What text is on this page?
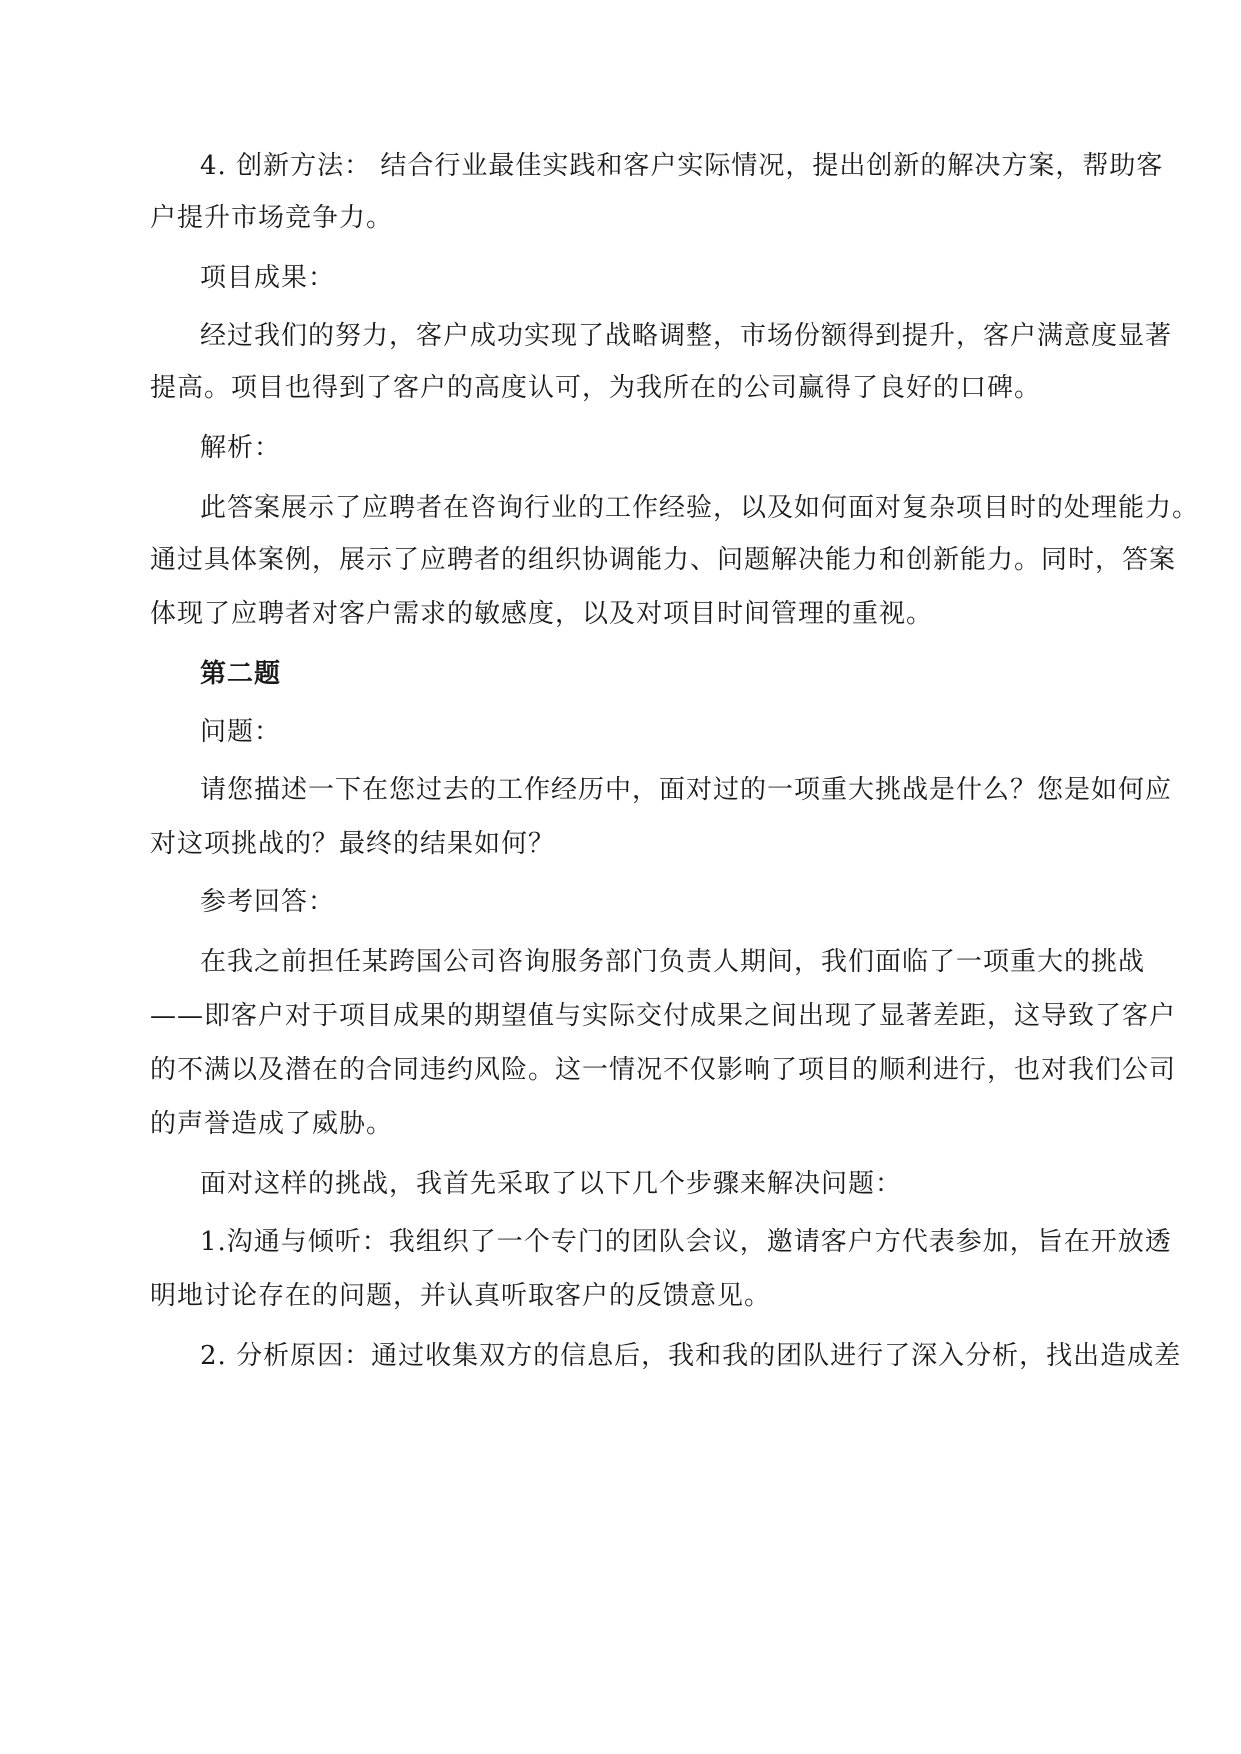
4. 创新方法： 结合行业最佳实践和客户实际情况，提出创新的解决方案，帮助客

户提升市场竞争力。

项目成果：

经过我们的努力，客户成功实现了战略调整，市场份额得到提升，客户满意度显著

提高。项目也得到了客户的高度认可，为我所在的公司赢得了良好的口碑。

解析：

此答案展示了应聘者在咨询行业的工作经验，以及如何面对复杂项目时的处理能力。

通过具体案例，展示了应聘者的组织协调能力、问题解决能力和创新能力。同时，答案

体现了应聘者对客户需求的敏感度，以及对项目时间管理的重视。

第二题

问题：

请您描述一下在您过去的工作经历中，面对过的一项重大挑战是什么？您是如何应

对这项挑战的？最终的结果如何？

参考回答：

在我之前担任某跨国公司咨询服务部门负责人期间，我们面临了一项重大的挑战

——即客户对于项目成果的期望值与实际交付成果之间出现了显著差距，这导致了客户

的不满以及潜在的合同违约风险。这一情况不仅影响了项目的顺利进行，也对我们公司

的声誉造成了威胁。

面对这样的挑战，我首先采取了以下几个步骤来解决问题：

1.沟通与倾听：我组织了一个专门的团队会议，邀请客户方代表参加，旨在开放透

明地讨论存在的问题，并认真听取客户的反馈意见。

2. 分析原因：通过收集双方的信息后，我和我的团队进行了深入分析，找出造成差
